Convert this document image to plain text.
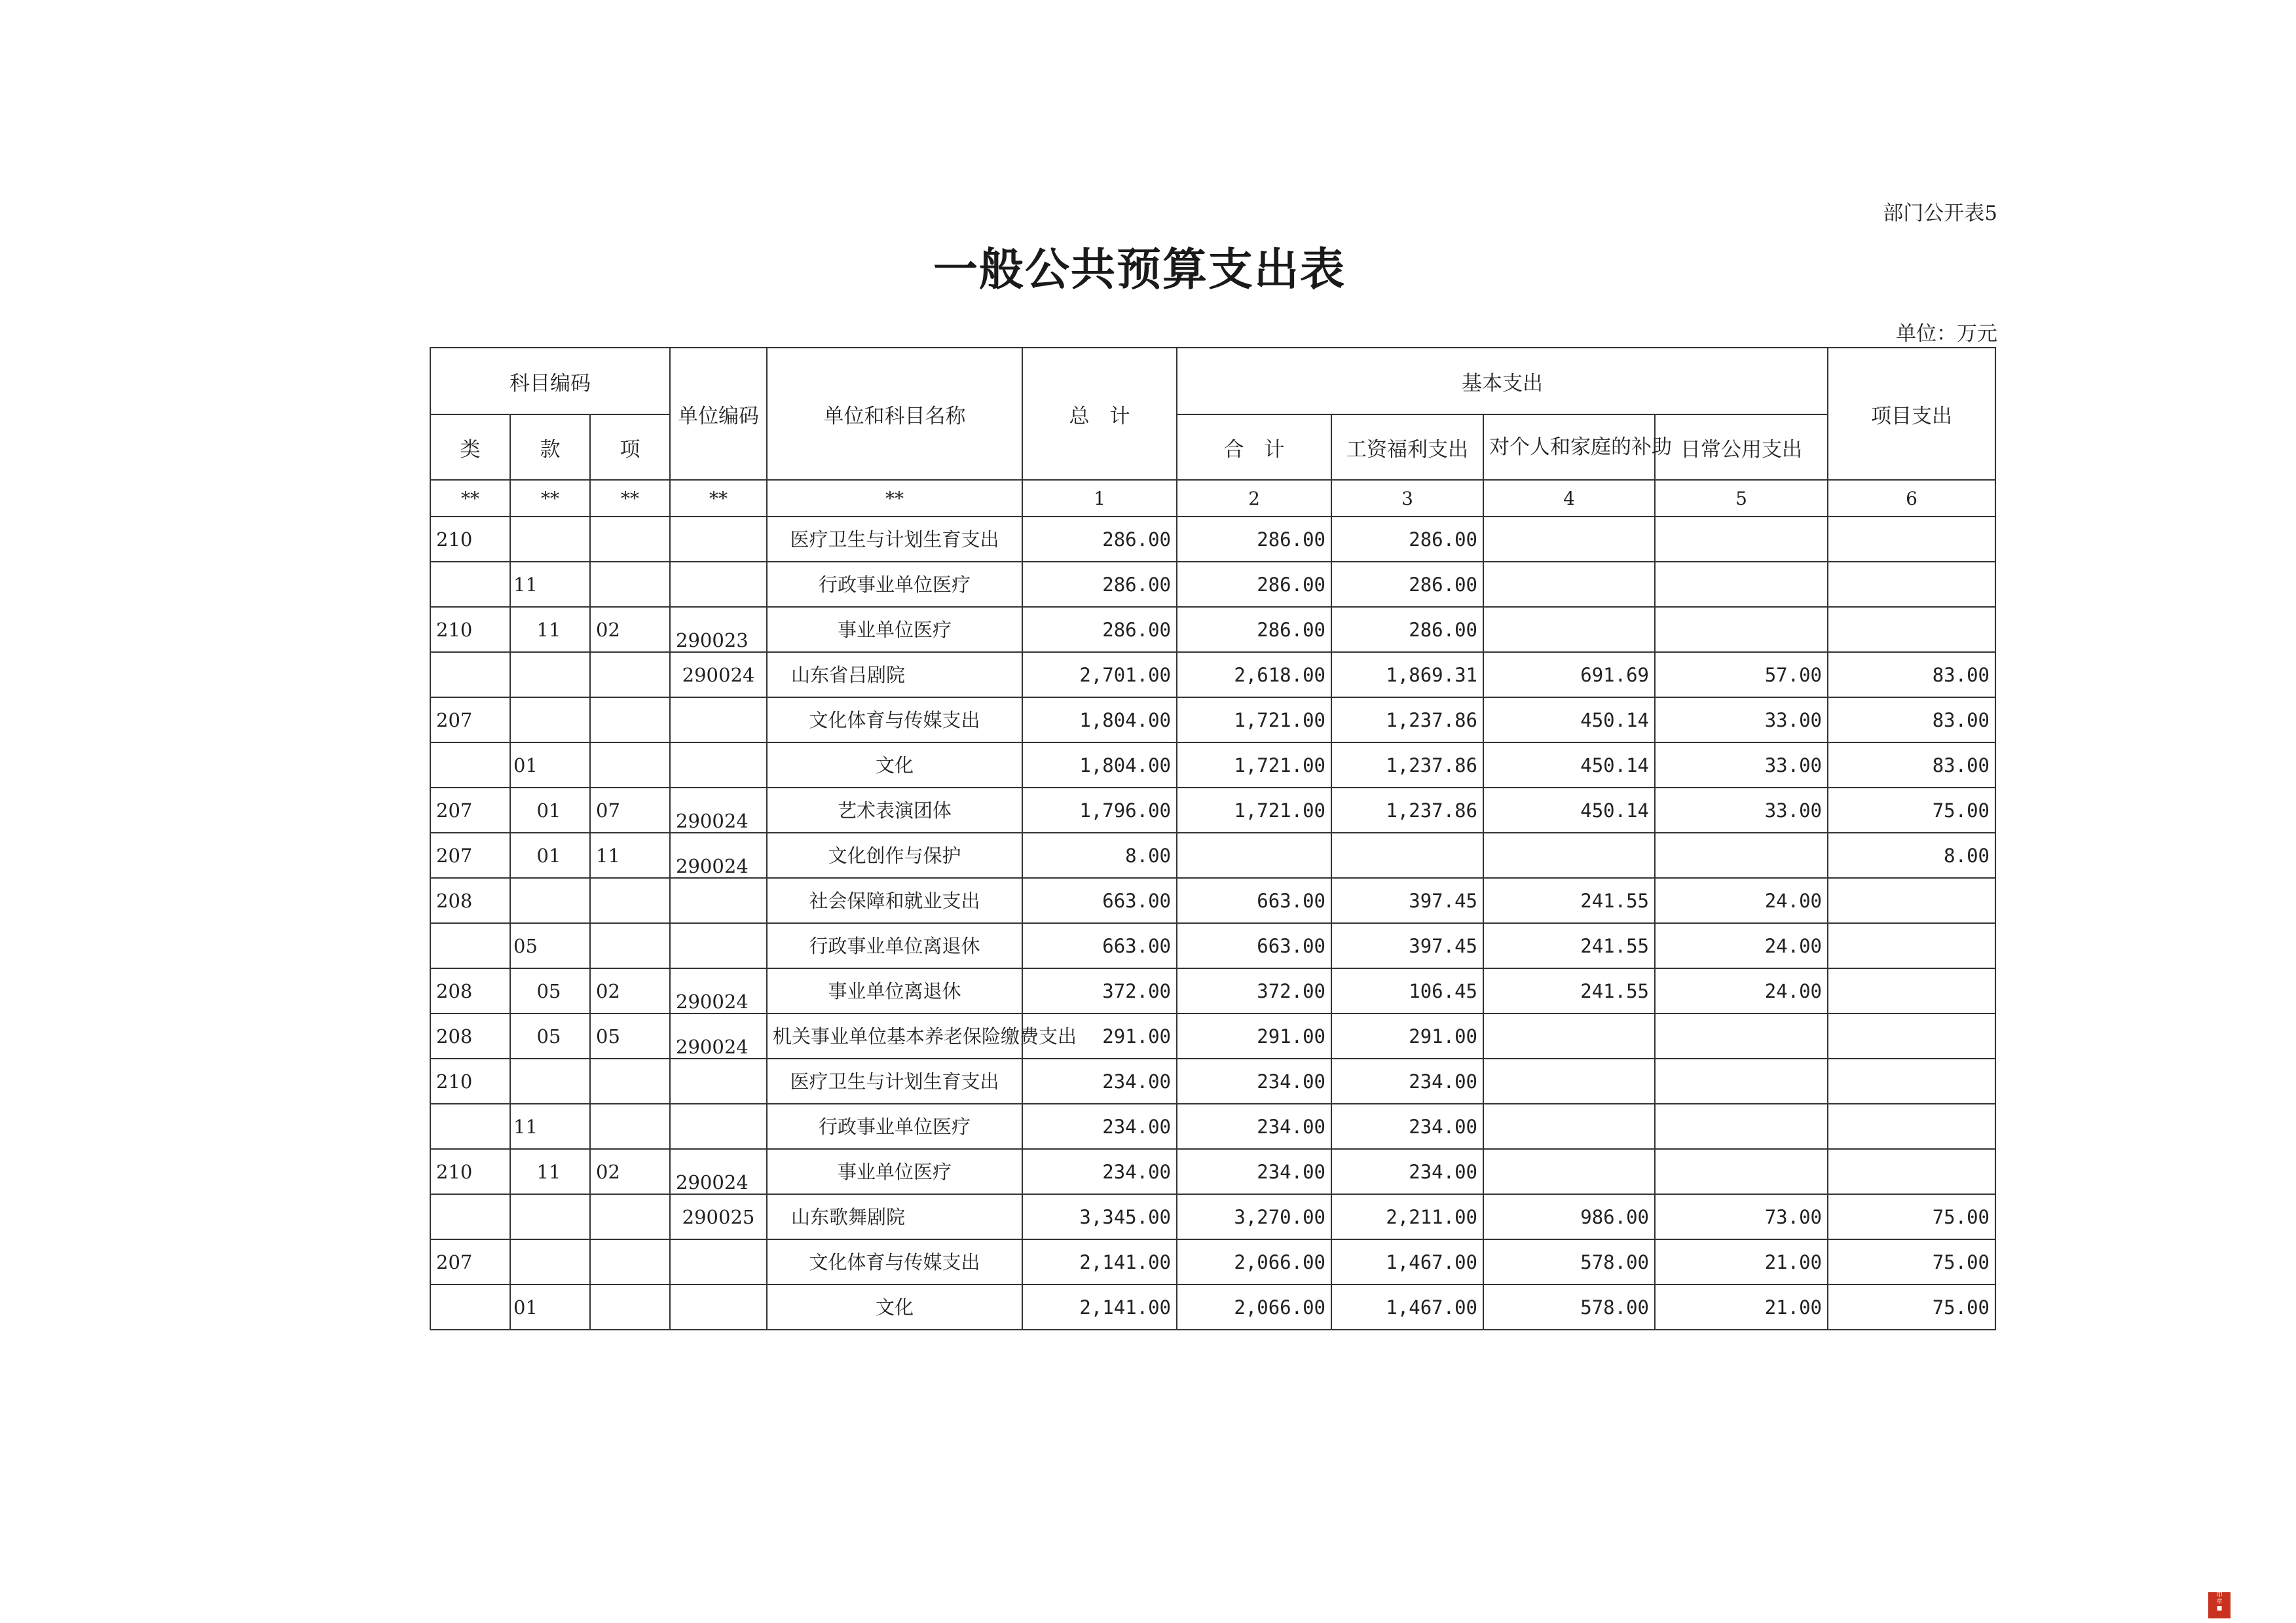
部门公开表5
一般公共预算支出表
单位：万元
科目编码			单位编码	单位和科目名称	总　计	基本支出				项目支出
						合　计	工资福利支出	对个人和家庭的补助	日常公用支出	
类	款	项								
**	**	**	**	**	1	2	3	4	5	6
210				医疗卫生与计划生育支出	286.00	286.00	286.00			
	11			行政事业单位医疗	286.00	286.00	286.00			
210	11	02	290023	事业单位医疗	286.00	286.00	286.00			
			290024	山东省吕剧院	2,701.00	2,618.00	1,869.31	691.69	57.00	83.00
207				文化体育与传媒支出	1,804.00	1,721.00	1,237.86	450.14	33.00	83.00
	01			文化	1,804.00	1,721.00	1,237.86	450.14	33.00	83.00
207	01	07	290024	艺术表演团体	1,796.00	1,721.00	1,237.86	450.14	33.00	75.00
207	01	11	290024	文化创作与保护	8.00					8.00
208				社会保障和就业支出	663.00	663.00	397.45	241.55	24.00	
	05			行政事业单位离退休	663.00	663.00	397.45	241.55	24.00	
208	05	02	290024	事业单位离退休	372.00	372.00	106.45	241.55	24.00	
208	05	05	290024	机关事业单位基本养老保险缴费支出	291.00	291.00	291.00			
210				医疗卫生与计划生育支出	234.00	234.00	234.00			
	11			行政事业单位医疗	234.00	234.00	234.00			
210	11	02	290024	事业单位医疗	234.00	234.00	234.00			
			290025	山东歌舞剧院	3,345.00	3,270.00	2,211.00	986.00	73.00	75.00
207				文化体育与传媒支出	2,141.00	2,066.00	1,467.00	578.00	21.00	75.00
	01			文化	2,141.00	2,066.00	1,467.00	578.00	21.00	75.00
印
章
■
